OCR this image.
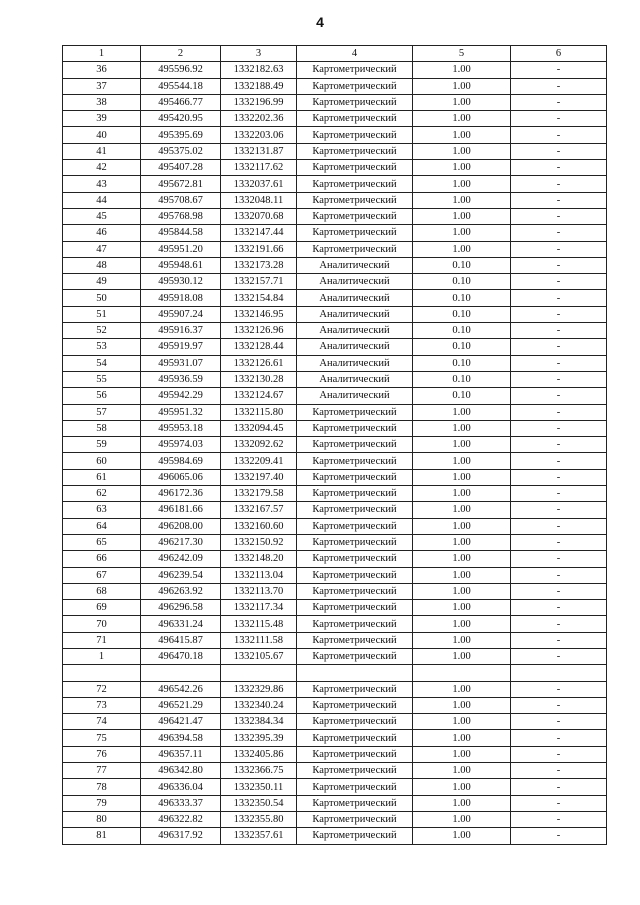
4
1	2	3	4	5	6
36	495596.92	1332182.63	Картометрический	1.00	-
37	495544.18	1332188.49	Картометрический	1.00	-
38	495466.77	1332196.99	Картометрический	1.00	-
39	495420.95	1332202.36	Картометрический	1.00	-
40	495395.69	1332203.06	Картометрический	1.00	-
41	495375.02	1332131.87	Картометрический	1.00	-
42	495407.28	1332117.62	Картометрический	1.00	-
43	495672.81	1332037.61	Картометрический	1.00	-
44	495708.67	1332048.11	Картометрический	1.00	-
45	495768.98	1332070.68	Картометрический	1.00	-
46	495844.58	1332147.44	Картометрический	1.00	-
47	495951.20	1332191.66	Картометрический	1.00	-
48	495948.61	1332173.28	Аналитический	0.10	-
49	495930.12	1332157.71	Аналитический	0.10	-
50	495918.08	1332154.84	Аналитический	0.10	-
51	495907.24	1332146.95	Аналитический	0.10	-
52	495916.37	1332126.96	Аналитический	0.10	-
53	495919.97	1332128.44	Аналитический	0.10	-
54	495931.07	1332126.61	Аналитический	0.10	-
55	495936.59	1332130.28	Аналитический	0.10	-
56	495942.29	1332124.67	Аналитический	0.10	-
57	495951.32	1332115.80	Картометрический	1.00	-
58	495953.18	1332094.45	Картометрический	1.00	-
59	495974.03	1332092.62	Картометрический	1.00	-
60	495984.69	1332209.41	Картометрический	1.00	-
61	496065.06	1332197.40	Картометрический	1.00	-
62	496172.36	1332179.58	Картометрический	1.00	-
63	496181.66	1332167.57	Картометрический	1.00	-
64	496208.00	1332160.60	Картометрический	1.00	-
65	496217.30	1332150.92	Картометрический	1.00	-
66	496242.09	1332148.20	Картометрический	1.00	-
67	496239.54	1332113.04	Картометрический	1.00	-
68	496263.92	1332113.70	Картометрический	1.00	-
69	496296.58	1332117.34	Картометрический	1.00	-
70	496331.24	1332115.48	Картометрический	1.00	-
71	496415.87	1332111.58	Картометрический	1.00	-
1	496470.18	1332105.67	Картометрический	1.00	-

72	496542.26	1332329.86	Картометрический	1.00	-
73	496521.29	1332340.24	Картометрический	1.00	-
74	496421.47	1332384.34	Картометрический	1.00	-
75	496394.58	1332395.39	Картометрический	1.00	-
76	496357.11	1332405.86	Картометрический	1.00	-
77	496342.80	1332366.75	Картометрический	1.00	-
78	496336.04	1332350.11	Картометрический	1.00	-
79	496333.37	1332350.54	Картометрический	1.00	-
80	496322.82	1332355.80	Картометрический	1.00	-
81	496317.92	1332357.61	Картометрический	1.00	-
